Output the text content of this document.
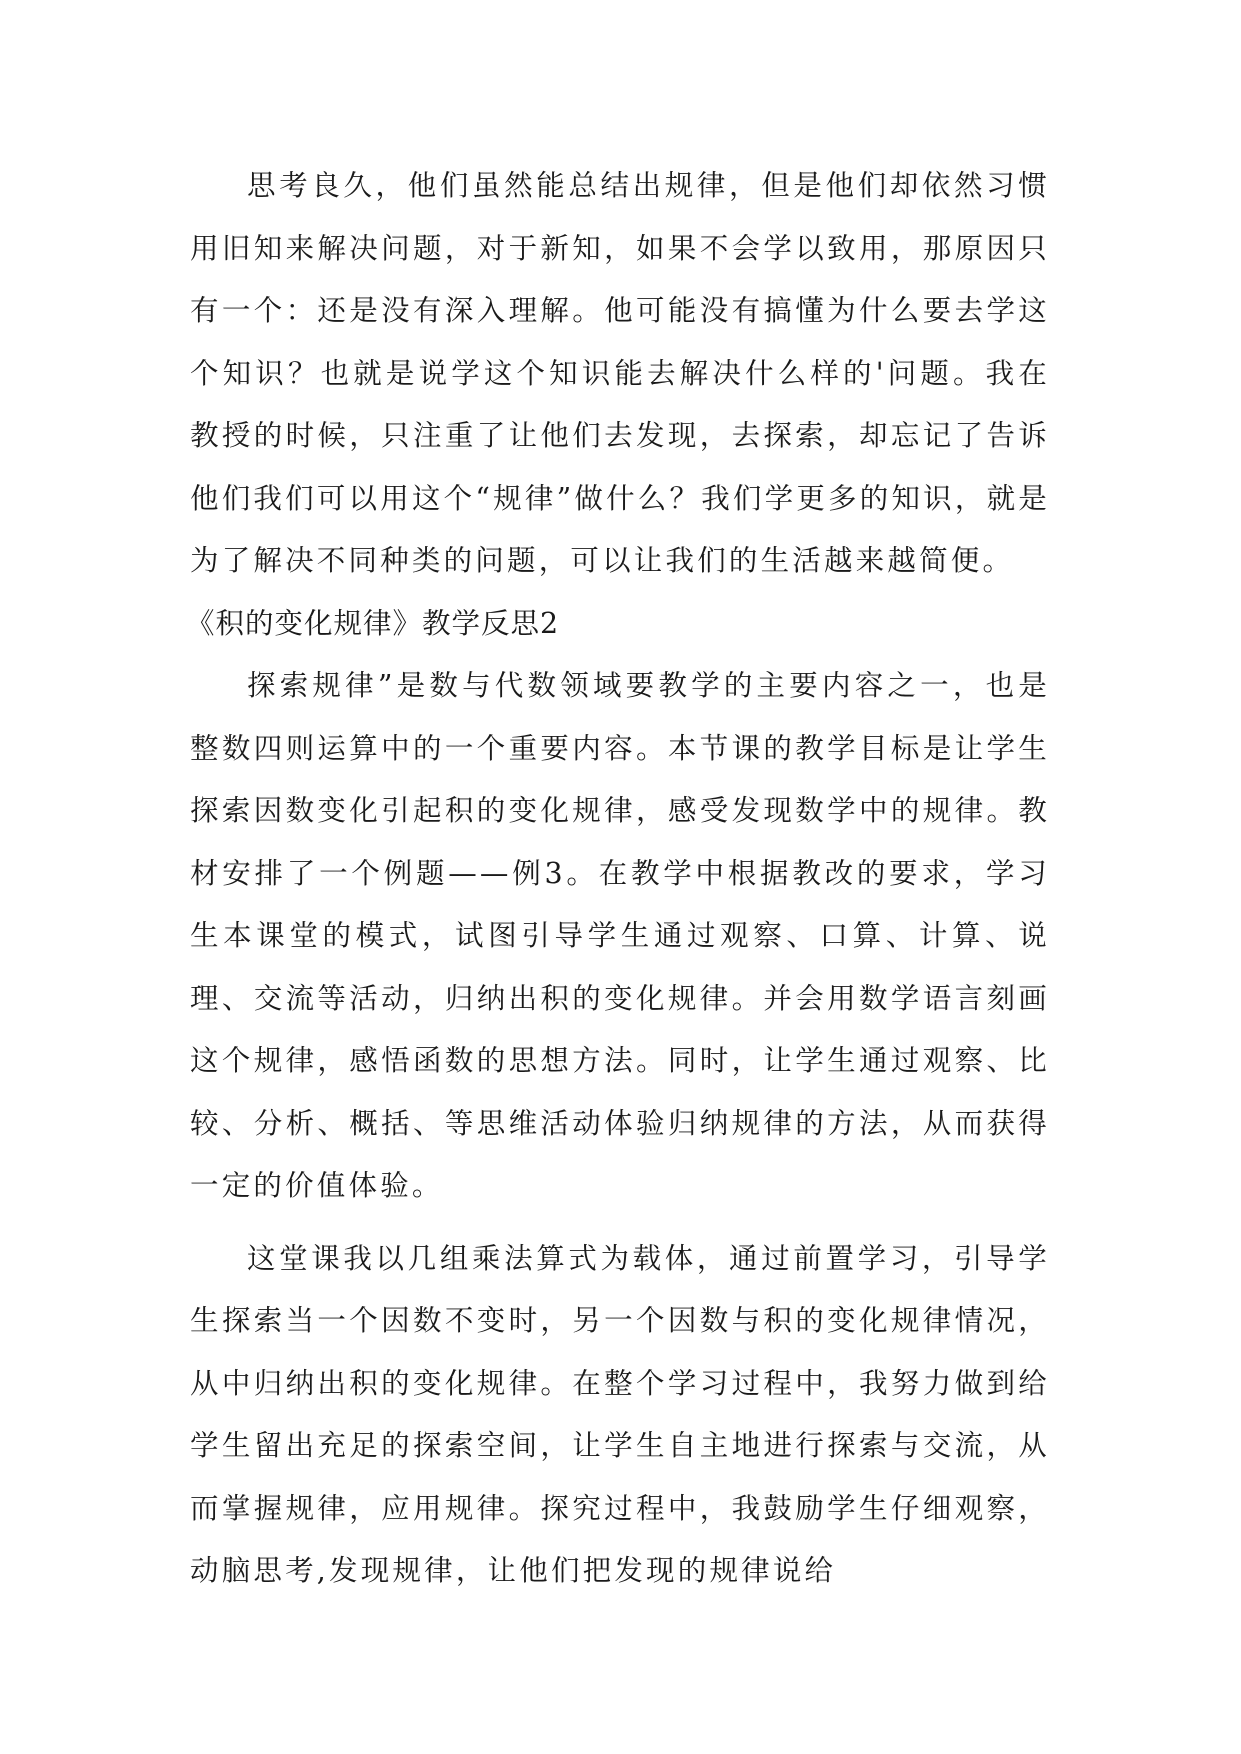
思考良久，他们虽然能总结出规律，但是他们却依然习惯用旧知来解决问题，对于新知，如果不会学以致用，那原因只有一个：还是没有深入理解。他可能没有搞懂为什么要去学这个知识？也就是说学这个知识能去解决什么样的'问题。我在教授的时候，只注重了让他们去发现，去探索，却忘记了告诉他们我们可以用这个“规律”做什么？我们学更多的知识，就是为了解决不同种类的问题，可以让我们的生活越来越简便。

《积的变化规律》教学反思2

探索规律”是数与代数领域要教学的主要内容之一，也是整数四则运算中的一个重要内容。本节课的教学目标是让学生探索因数变化引起积的变化规律，感受发现数学中的规律。教材安排了一个例题——例3。在教学中根据教改的要求，学习生本课堂的模式，试图引导学生通过观察、口算、计算、说理、交流等活动，归纳出积的变化规律。并会用数学语言刻画这个规律，感悟函数的思想方法。同时，让学生通过观察、比较、分析、概括、等思维活动体验归纳规律的方法，从而获得一定的价值体验。

这堂课我以几组乘法算式为载体，通过前置学习，引导学生探索当一个因数不变时，另一个因数与积的变化规律情况，从中归纳出积的变化规律。在整个学习过程中，我努力做到给学生留出充足的探索空间，让学生自主地进行探索与交流，从而掌握规律，应用规律。探究过程中，我鼓励学生仔细观察，动脑思考,发现规律，让他们把发现的规律说给
